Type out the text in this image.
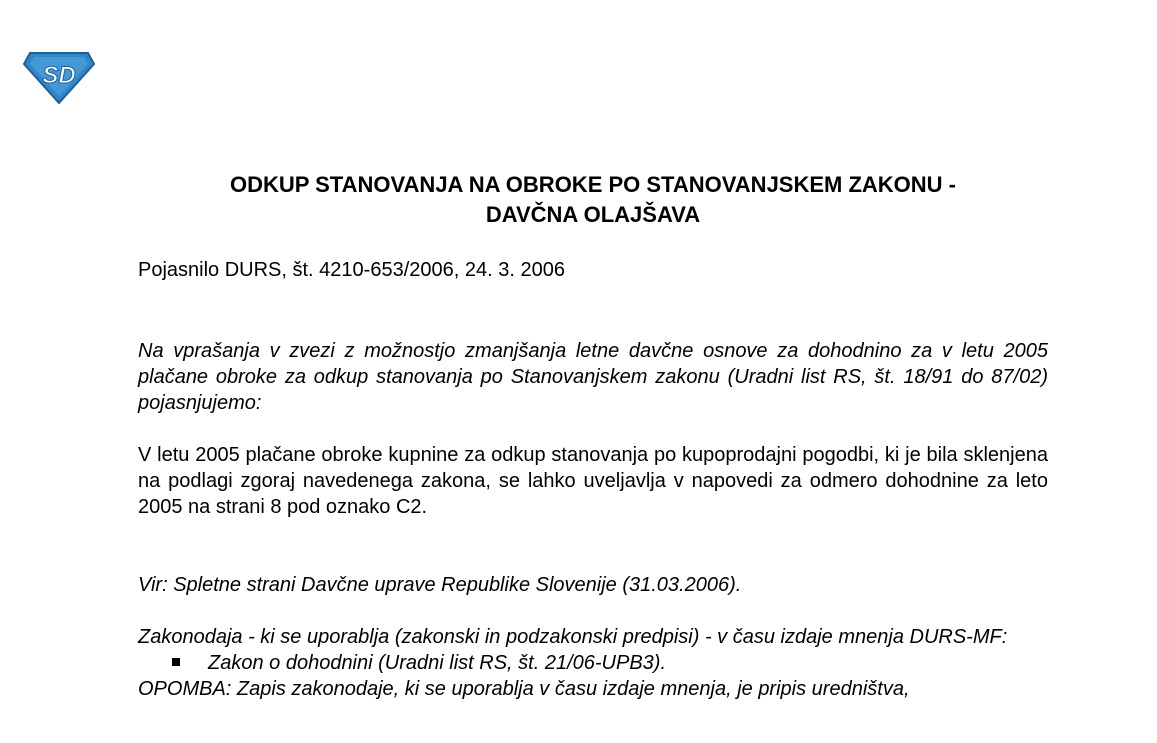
SD
ODKUP STANOVANJA NA OBROKE PO STANOVANJSKEM ZAKONU -
DAVČNA OLAJŠAVA

Pojasnilo DURS, št. 4210-653/2006, 24. 3. 2006

Na vprašanja v zvezi z možnostjo zmanjšanja letne davčne osnove za dohodnino za v letu 2005 plačane obroke za odkup stanovanja po Stanovanjskem zakonu (Uradni list RS, št. 18/91 do 87/02) pojasnjujemo:

V letu 2005 plačane obroke kupnine za odkup stanovanja po kupoprodajni pogodbi, ki je bila sklenjena na podlagi zgoraj navedenega zakona, se lahko uveljavlja v napovedi za odmero dohodnine za leto 2005 na strani 8 pod oznako C2.

Vir: Spletne strani Davčne uprave Republike Slovenije (31.03.2006).

Zakonodaja - ki se uporablja (zakonski in podzakonski predpisi) - v času izdaje mnenja DURS-MF:

Zakon o dohodnini (Uradni list RS, št. 21/06-UPB3).

OPOMBA: Zapis zakonodaje, ki se uporablja v času izdaje mnenja, je pripis uredništva,
